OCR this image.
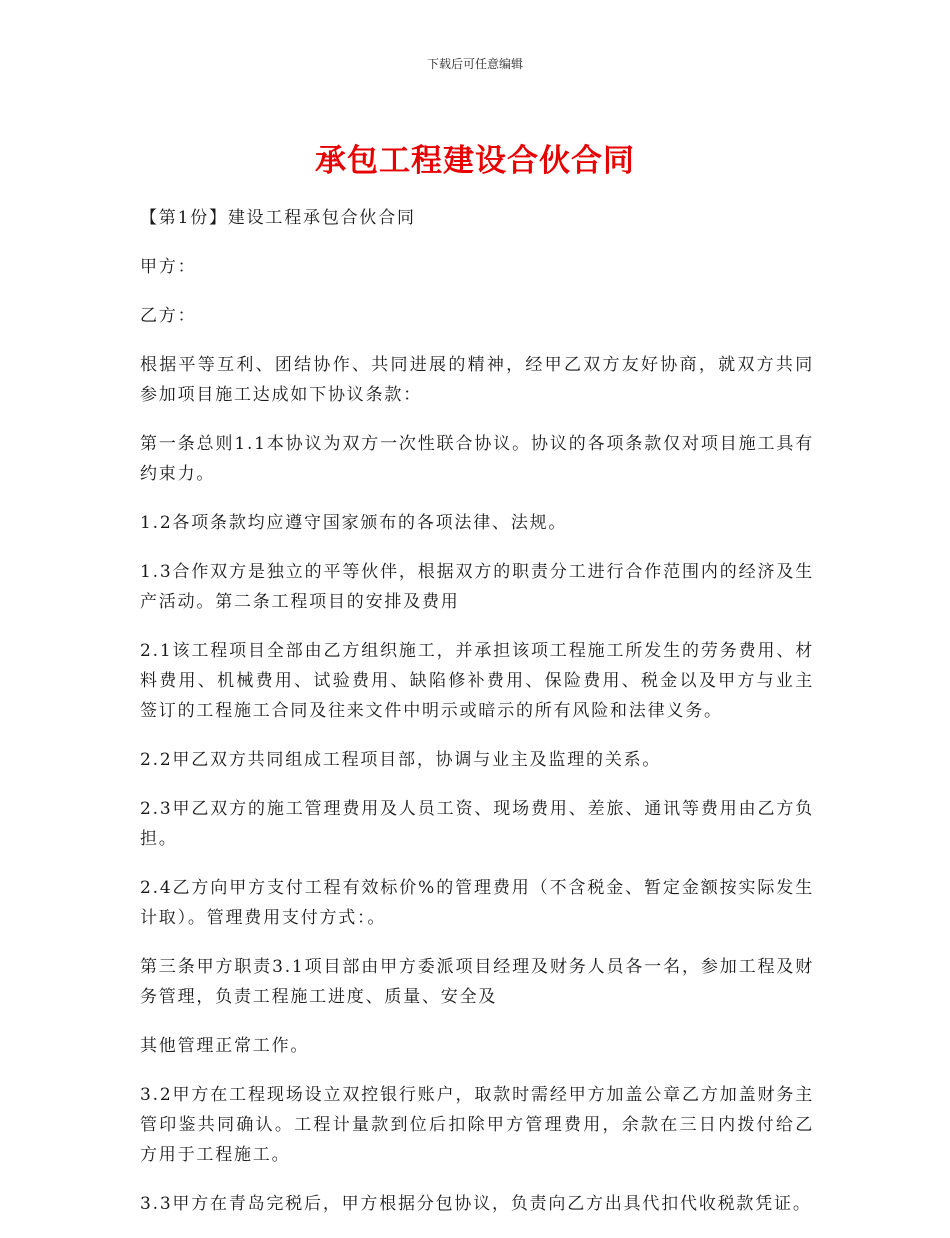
下载后可任意编辑
承包工程建设合伙合同

【第1份】建设工程承包合伙合同

甲方：

乙方：

根据平等互利、团结协作、共同进展的精神，经甲乙双方友好协商，就双方共同参加项目施工达成如下协议条款：

第一条总则1.1本协议为双方一次性联合协议。协议的各项条款仅对项目施工具有约束力。

1.2各项条款均应遵守国家颁布的各项法律、法规。

1.3合作双方是独立的平等伙伴，根据双方的职责分工进行合作范围内的经济及生产活动。第二条工程项目的安排及费用

2.1该工程项目全部由乙方组织施工，并承担该项工程施工所发生的劳务费用、材料费用、机械费用、试验费用、缺陷修补费用、保险费用、税金以及甲方与业主签订的工程施工合同及往来文件中明示或暗示的所有风险和法律义务。

2.2甲乙双方共同组成工程项目部，协调与业主及监理的关系。

2.3甲乙双方的施工管理费用及人员工资、现场费用、差旅、通讯等费用由乙方负担。

2.4乙方向甲方支付工程有效标价%的管理费用（不含税金、暂定金额按实际发生计取）。管理费用支付方式：。

第三条甲方职责3.1项目部由甲方委派项目经理及财务人员各一名，参加工程及财务管理，负责工程施工进度、质量、安全及

其他管理正常工作。

3.2甲方在工程现场设立双控银行账户，取款时需经甲方加盖公章乙方加盖财务主管印鉴共同确认。工程计量款到位后扣除甲方管理费用，余款在三日内拨付给乙方用于工程施工。

3.3甲方在青岛完税后，甲方根据分包协议，负责向乙方出具代扣代收税款凭证。
